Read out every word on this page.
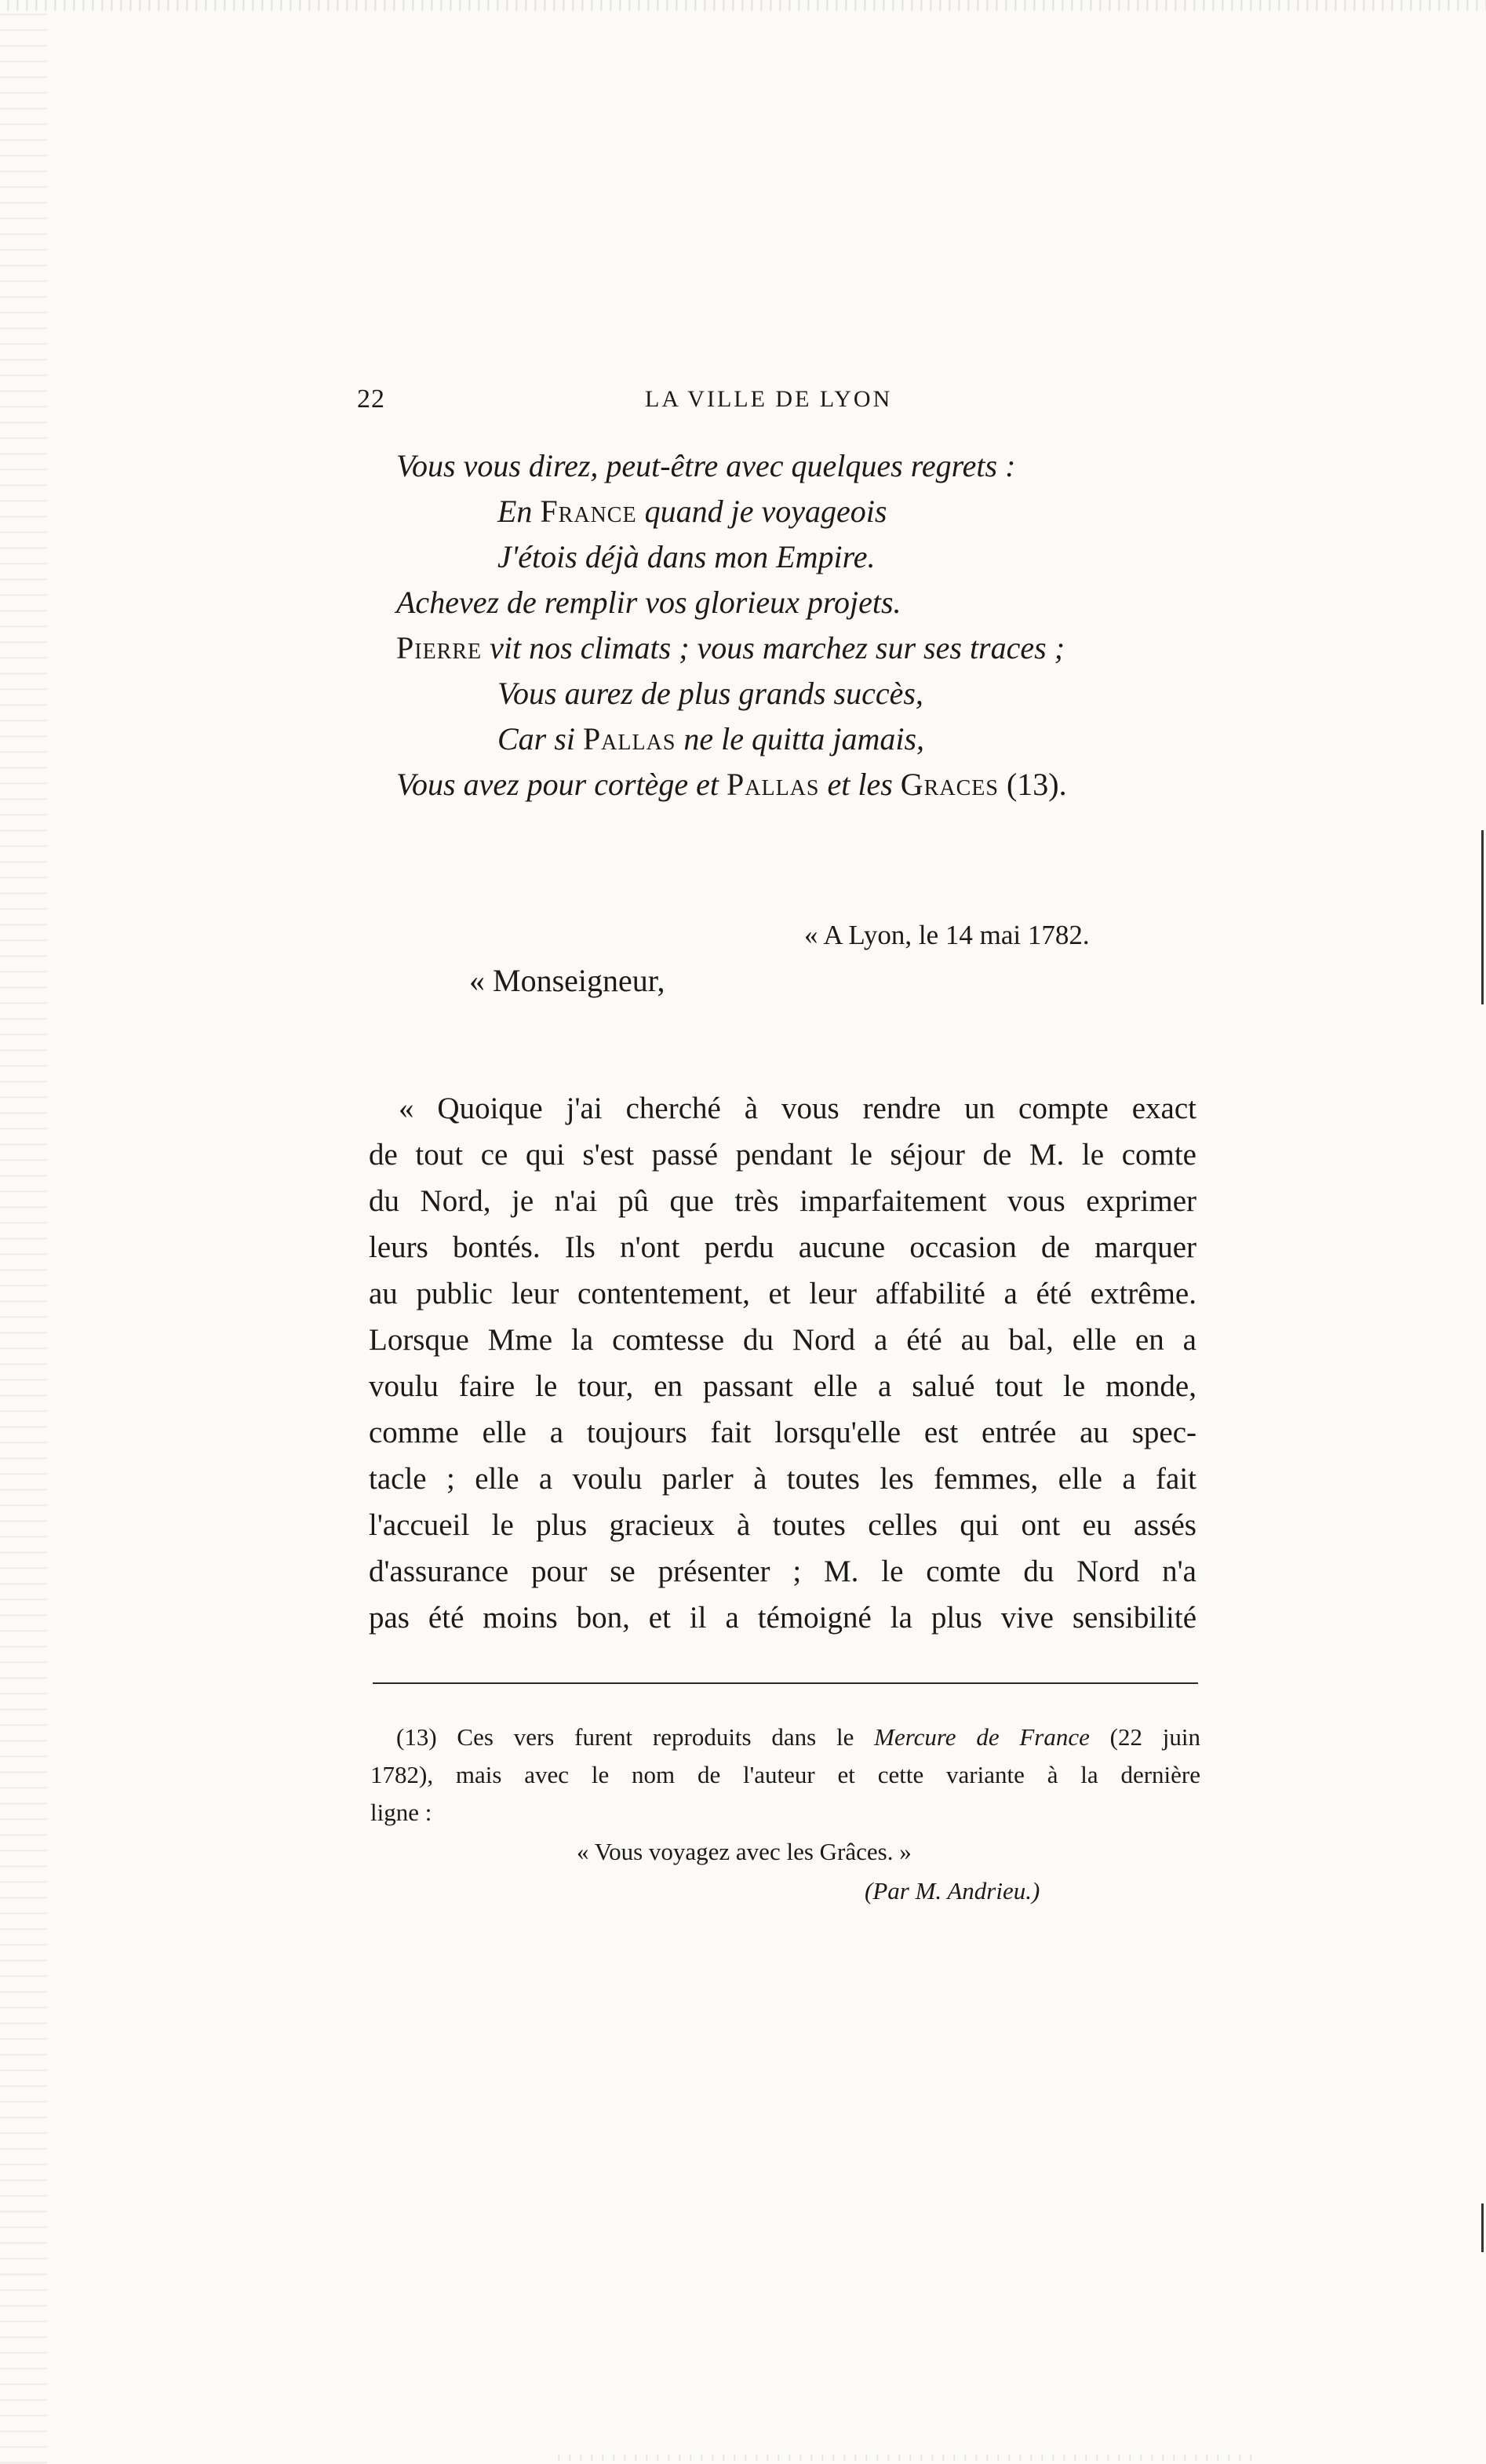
22	LA VILLE DE LYON
Vous vous direz, peut-être avec quelques regrets :
En France quand je voyageois
J'étois déjà dans mon Empire.
Achevez de remplir vos glorieux projets.
Pierre vit nos climats ; vous marchez sur ses traces ;
Vous aurez de plus grands succès,
Car si Pallas ne le quitta jamais,
Vous avez pour cortège et Pallas et les Graces (13).
« A Lyon, le 14 mai 1782.
« Monseigneur,
« Quoique j'ai cherché à vous rendre un compte exact
de tout ce qui s'est passé pendant le séjour de M. le comte
du Nord, je n'ai pû que très imparfaitement vous exprimer
leurs bontés. Ils n'ont perdu aucune occasion de marquer
au public leur contentement, et leur affabilité a été extrême.
Lorsque Mme la comtesse du Nord a été au bal, elle en a
voulu faire le tour, en passant elle a salué tout le monde,
comme elle a toujours fait lorsqu'elle est entrée au spec-
tacle ; elle a voulu parler à toutes les femmes, elle a fait
l'accueil le plus gracieux à toutes celles qui ont eu assés
d'assurance pour se présenter ; M. le comte du Nord n'a
pas été moins bon, et il a témoigné la plus vive sensibilité
(13) Ces vers furent reproduits dans le Mercure de France (22 juin
1782), mais avec le nom de l'auteur et cette variante à la dernière
ligne :
« Vous voyagez avec les Grâces. »
(Par M. Andrieu.)
